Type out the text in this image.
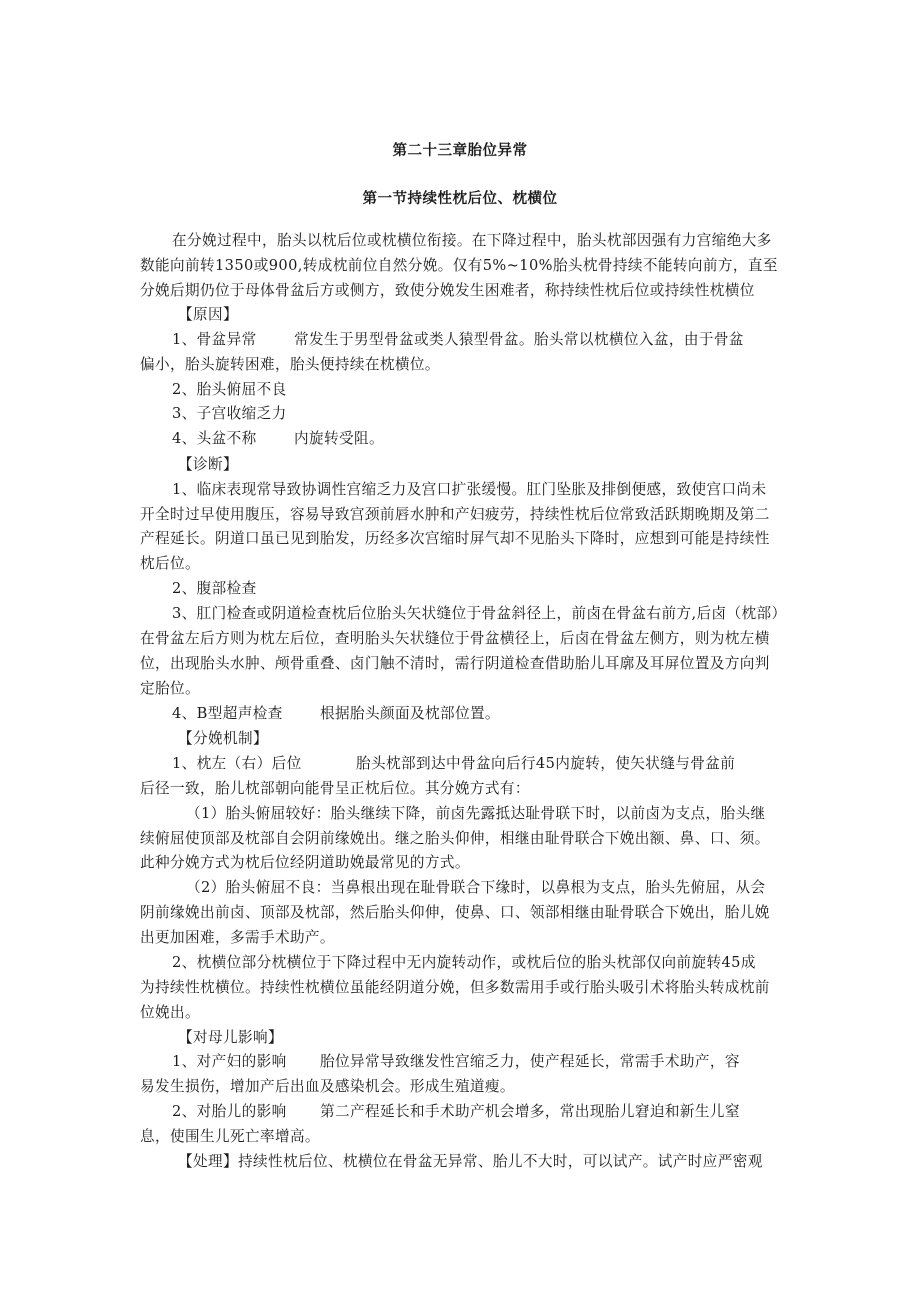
第二十三章胎位异常
第一节持续性枕后位、枕横位
在分娩过程中，胎头以枕后位或枕横位衔接。在下降过程中，胎头枕部因强有力宫缩绝大多
数能向前转1350或900,转成枕前位自然分娩。仅有5%~10%胎头枕骨持续不能转向前方，直至
分娩后期仍位于母体骨盆后方或侧方，致使分娩发生困难者，称持续性枕后位或持续性枕横位
【原因】
1、骨盆异常	常发生于男型骨盆或类人猿型骨盆。胎头常以枕横位入盆，由于骨盆
偏小，胎头旋转困难，胎头便持续在枕横位。
2、胎头俯屈不良
3、子宫收缩乏力
4、头盆不称	内旋转受阻。
【诊断】
1、临床表现常导致协调性宫缩乏力及宫口扩张缓慢。肛门坠胀及排倒便感，致使宫口尚未
开全时过早使用腹压，容易导致宫颈前唇水肿和产妇疲劳，持续性枕后位常致活跃期晚期及第二
产程延长。阴道口虽已见到胎发，历经多次宫缩时屏气却不见胎头下降时，应想到可能是持续性
枕后位。
2、腹部检查
3、肛门检查或阴道检查枕后位胎头矢状缝位于骨盆斜径上，前卤在骨盆右前方,后卤（枕部）
在骨盆左后方则为枕左后位，查明胎头矢状缝位于骨盆横径上，后卤在骨盆左侧方，则为枕左横
位，出现胎头水肿、颅骨重叠、卤门触不清时，需行阴道检查借助胎儿耳廓及耳屏位置及方向判
定胎位。
4、B型超声检查	根据胎头颜面及枕部位置。
【分娩机制】
1、枕左（右）后位	胎头枕部到达中骨盆向后行45内旋转，使矢状缝与骨盆前
后径一致，胎儿枕部朝向能骨呈正枕后位。其分娩方式有：
（1）胎头俯屈较好：胎头继续下降，前卤先露抵达耻骨联下时，以前卤为支点，胎头继
续俯屈使顶部及枕部自会阴前缘娩出。继之胎头仰伸，相继由耻骨联合下娩出额、鼻、口、须。
此种分娩方式为枕后位经阴道助娩最常见的方式。
（2）胎头俯屈不良：当鼻根出现在耻骨联合下缘时，以鼻根为支点，胎头先俯屈，从会
阴前缘娩出前卤、顶部及枕部，然后胎头仰伸，使鼻、口、领部相继由耻骨联合下娩出，胎儿娩
出更加困难，多需手术助产。
2、枕横位部分枕横位于下降过程中无内旋转动作，或枕后位的胎头枕部仅向前旋转45成
为持续性枕横位。持续性枕横位虽能经阴道分娩，但多数需用手或行胎头吸引术将胎头转成枕前
位娩出。
【对母儿影响】
1、对产妇的影响 胎位异常导致继发性宫缩乏力，使产程延长，常需手术助产，容
易发生损伤，增加产后出血及感染机会。形成生殖道瘦。
2、对胎儿的影响 第二产程延长和手术助产机会增多，常出现胎儿窘迫和新生儿窒
息，使围生儿死亡率增高。
【处理】持续性枕后位、枕横位在骨盆无异常、胎儿不大时，可以试产。试产时应严密观
